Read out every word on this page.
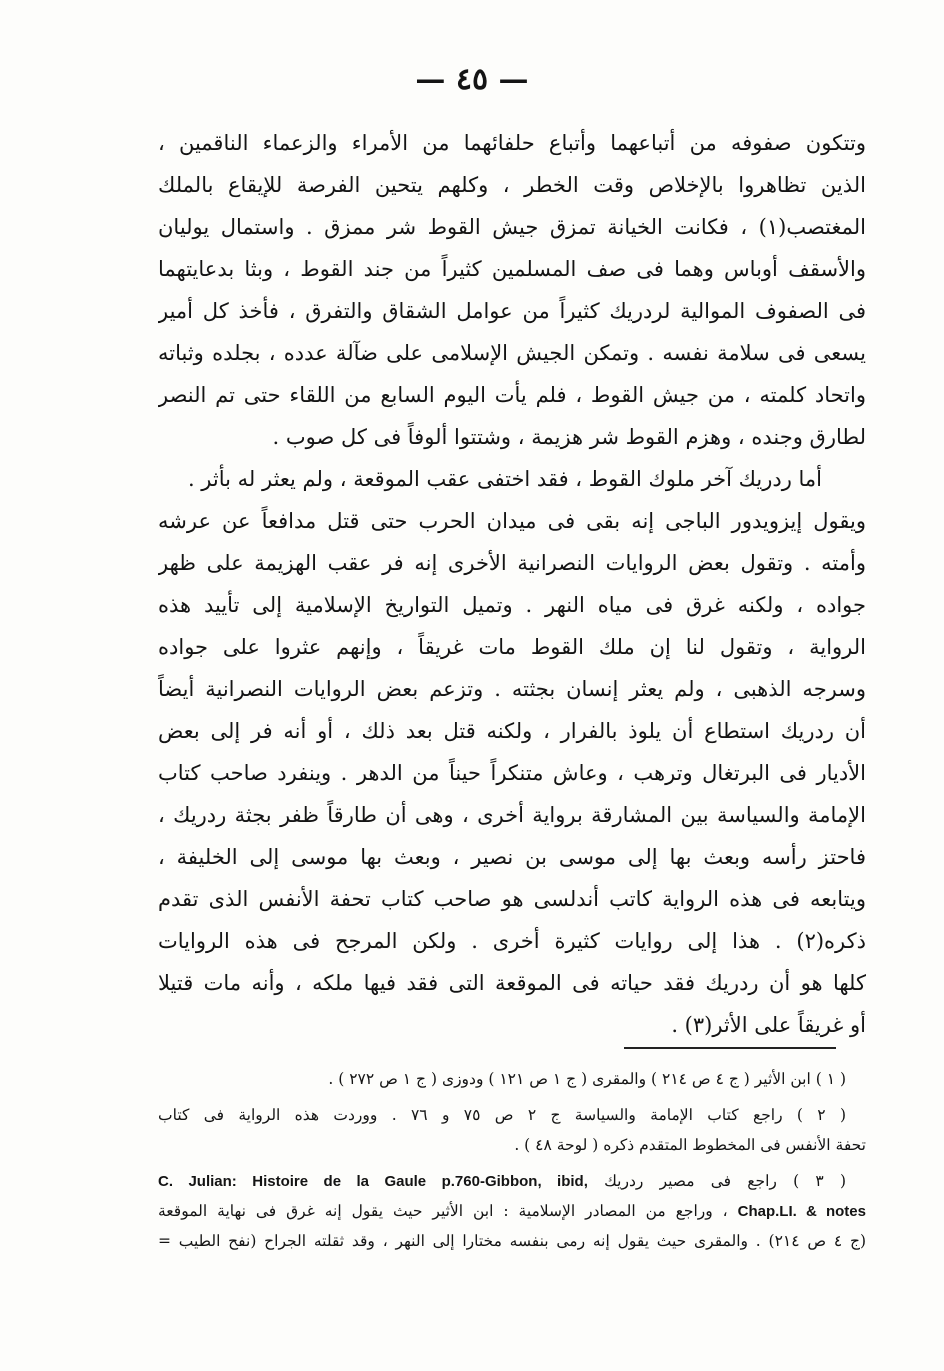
— ٤٥ —
وتتكون صفوفه من أتباعهما وأتباع حلفائهما من الأمراء والزعماء الناقمين ،
الذين تظاهروا بالإخلاص وقت الخطر ، وكلهم يتحين الفرصة للإيقاع بالملك
المغتصب(١) ، فكانت الخيانة تمزق جيش القوط شر ممزق . واستمال يوليان
والأسقف أوباس وهما فى صف المسلمين كثيراً من جند القوط ، وبثا بدعايتهما
فى الصفوف الموالية لردريك كثيراً من عوامل الشقاق والتفرق ، فأخذ كل أمير
يسعى فى سلامة نفسه . وتمكن الجيش الإسلامى على ضآلة عدده ، بجلده وثباته
واتحاد كلمته ، من جيش القوط ، فلم يأت اليوم السابع من اللقاء حتى تم النصر
لطارق وجنده ، وهزم القوط شر هزيمة ، وشتتوا ألوفاً فى كل صوب .
أما ردريك آخر ملوك القوط ، فقد اختفى عقب الموقعة ، ولم يعثر له بأثر .
ويقول إيزويدور الباجى إنه بقى فى ميدان الحرب حتى قتل مدافعاً عن عرشه
وأمته . وتقول بعض الروايات النصرانية الأخرى إنه فر عقب الهزيمة على ظهر
جواده ، ولكنه غرق فى مياه النهر . وتميل التواريخ الإسلامية إلى تأييد هذه
الرواية ، وتقول لنا إن ملك القوط مات غريقاً ، وإنهم عثروا على جواده
وسرجه الذهبى ، ولم يعثر إنسان بجثته . وتزعم بعض الروايات النصرانية أيضاً
أن ردريك استطاع أن يلوذ بالفرار ، ولكنه قتل بعد ذلك ، أو أنه فر إلى بعض
الأديار فى البرتغال وترهب ، وعاش متنكراً حيناً من الدهر . وينفرد صاحب كتاب
الإمامة والسياسة بين المشارقة برواية أخرى ، وهى أن طارقاً ظفر بجثة ردريك ،
فاحتز رأسه وبعث بها إلى موسى بن نصير ، وبعث بها موسى إلى الخليفة ،
ويتابعه فى هذه الرواية كاتب أندلسى هو صاحب كتاب تحفة الأنفس الذى تقدم
ذكره(٢) . هذا إلى روايات كثيرة أخرى . ولكن المرجح فى هذه الروايات
كلها هو أن ردريك فقد حياته فى الموقعة التى فقد فيها ملكه ، وأنه مات قتيلا
أو غريقاً على الأثر(٣) .
( ١ ) ابن الأثير ( ج ٤ ص ٢١٤ ) والمقرى ( ج ١ ص ١٢١ ) ودوزى ( ج ١ ص ٢٧٢ ) .
( ٢ ) راجع كتاب الإمامة والسياسة ج ٢ ص ٧٥ و ٧٦ . ووردت هذه الرواية فى كتاب
تحفة الأنفس فى المخطوط المتقدم ذكره ( لوحة ٤٨ ) .
( ٣ ) راجع فى مصير ردريك C. Julian: Histoire de la Gaule p.760-Gibbon, ibid,
Chap.LI. & notes ، وراجع من المصادر الإسلامية : ابن الأثير حيث يقول إنه غرق فى نهاية الموقعة
(ج ٤ ص ٢١٤) . والمقرى حيث يقول إنه رمى بنفسه مختارا إلى النهر ، وقد ثقلته الجراح (نفح الطيب =
